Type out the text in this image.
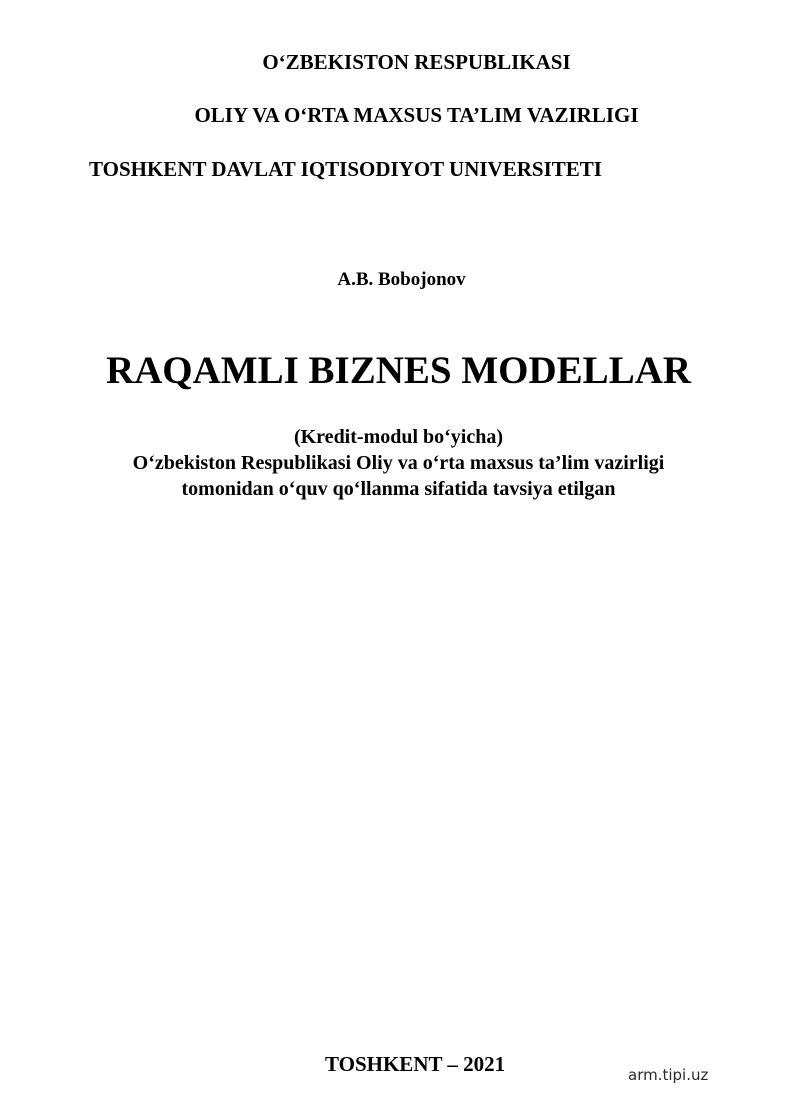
O‘ZBEKISTON RESPUBLIKASI
OLIY VA O‘RTA MAXSUS TA’LIM VAZIRLIGI
TOSHKENT DAVLAT IQTISODIYOT UNIVERSITETI
A.B. Bobojonov
RAQAMLI BIZNES MODELLAR
(Kredit-modul bo‘yicha)
O‘zbekiston Respublikasi Oliy va o‘rta maxsus ta’lim vazirligi
tomonidan o‘quv qo‘llanma sifatida tavsiya etilgan
TOSHKENT – 2021	arm.tipi.uz
